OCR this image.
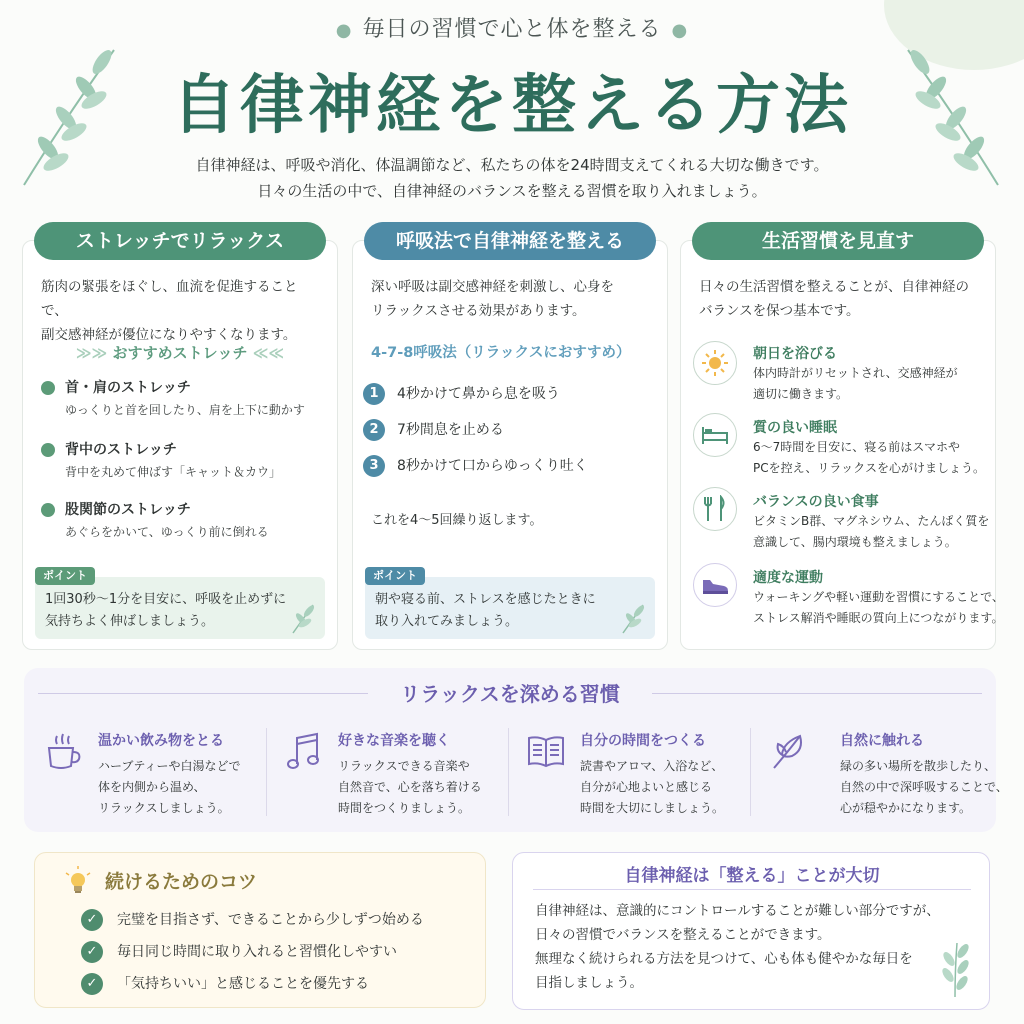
● 毎日の習慣で心と体を整える ●
自律神経を整える方法
自律神経は、呼吸や消化、体温調節など、私たちの体を24時間支えてくれる大切な働きです。
日々の生活の中で、自律神経のバランスを整える習慣を取り入れましょう。
筋肉の緊張をほぐし、血流を促進することで、
副交感神経が優位になりやすくなります。
≫≫ おすすめストレッチ ≪≪
首・肩のストレッチ
ゆっくりと首を回したり、肩を上下に動かす
背中のストレッチ
背中を丸めて伸ばす「キャット＆カウ」
股関節のストレッチ
あぐらをかいて、ゆっくり前に倒れる
ポイント
1回30秒〜1分を目安に、呼吸を止めずに
気持ちよく伸ばしましょう。
ストレッチでリラックス
深い呼吸は副交感神経を刺激し、心身を
リラックスさせる効果があります。
4-7-8呼吸法（リラックスにおすすめ）
1	4秒かけて鼻から息を吸う
2	7秒間息を止める
3	8秒かけて口からゆっくり吐く
これを4〜5回繰り返します。
ポイント
朝や寝る前、ストレスを感じたときに
取り入れてみましょう。
呼吸法で自律神経を整える
日々の生活習慣を整えることが、自律神経の
バランスを保つ基本です。
朝日を浴びる
体内時計がリセットされ、交感神経が
適切に働きます。
質の良い睡眠
6〜7時間を目安に、寝る前はスマホや
PCを控え、リラックスを心がけましょう。
バランスの良い食事
ビタミンB群、マグネシウム、たんぱく質を
意識して、腸内環境も整えましょう。
適度な運動
ウォーキングや軽い運動を習慣にすることで、
ストレス解消や睡眠の質向上につながります。
生活習慣を見直す
リラックスを深める習慣
温かい飲み物をとる
ハーブティーや白湯などで
体を内側から温め、
リラックスしましょう。
好きな音楽を聴く
リラックスできる音楽や
自然音で、心を落ち着ける
時間をつくりましょう。
自分の時間をつくる
読書やアロマ、入浴など、
自分が心地よいと感じる
時間を大切にしましょう。
自然に触れる
緑の多い場所を散歩したり、
自然の中で深呼吸することで、
心が穏やかになります。
続けるためのコツ
✓	完璧を目指さず、できることから少しずつ始める
✓	毎日同じ時間に取り入れると習慣化しやすい
✓	「気持ちいい」と感じることを優先する
自律神経は「整える」ことが大切
自律神経は、意識的にコントロールすることが難しい部分ですが、
日々の習慣でバランスを整えることができます。
無理なく続けられる方法を見つけて、心も体も健やかな毎日を
目指しましょう。
